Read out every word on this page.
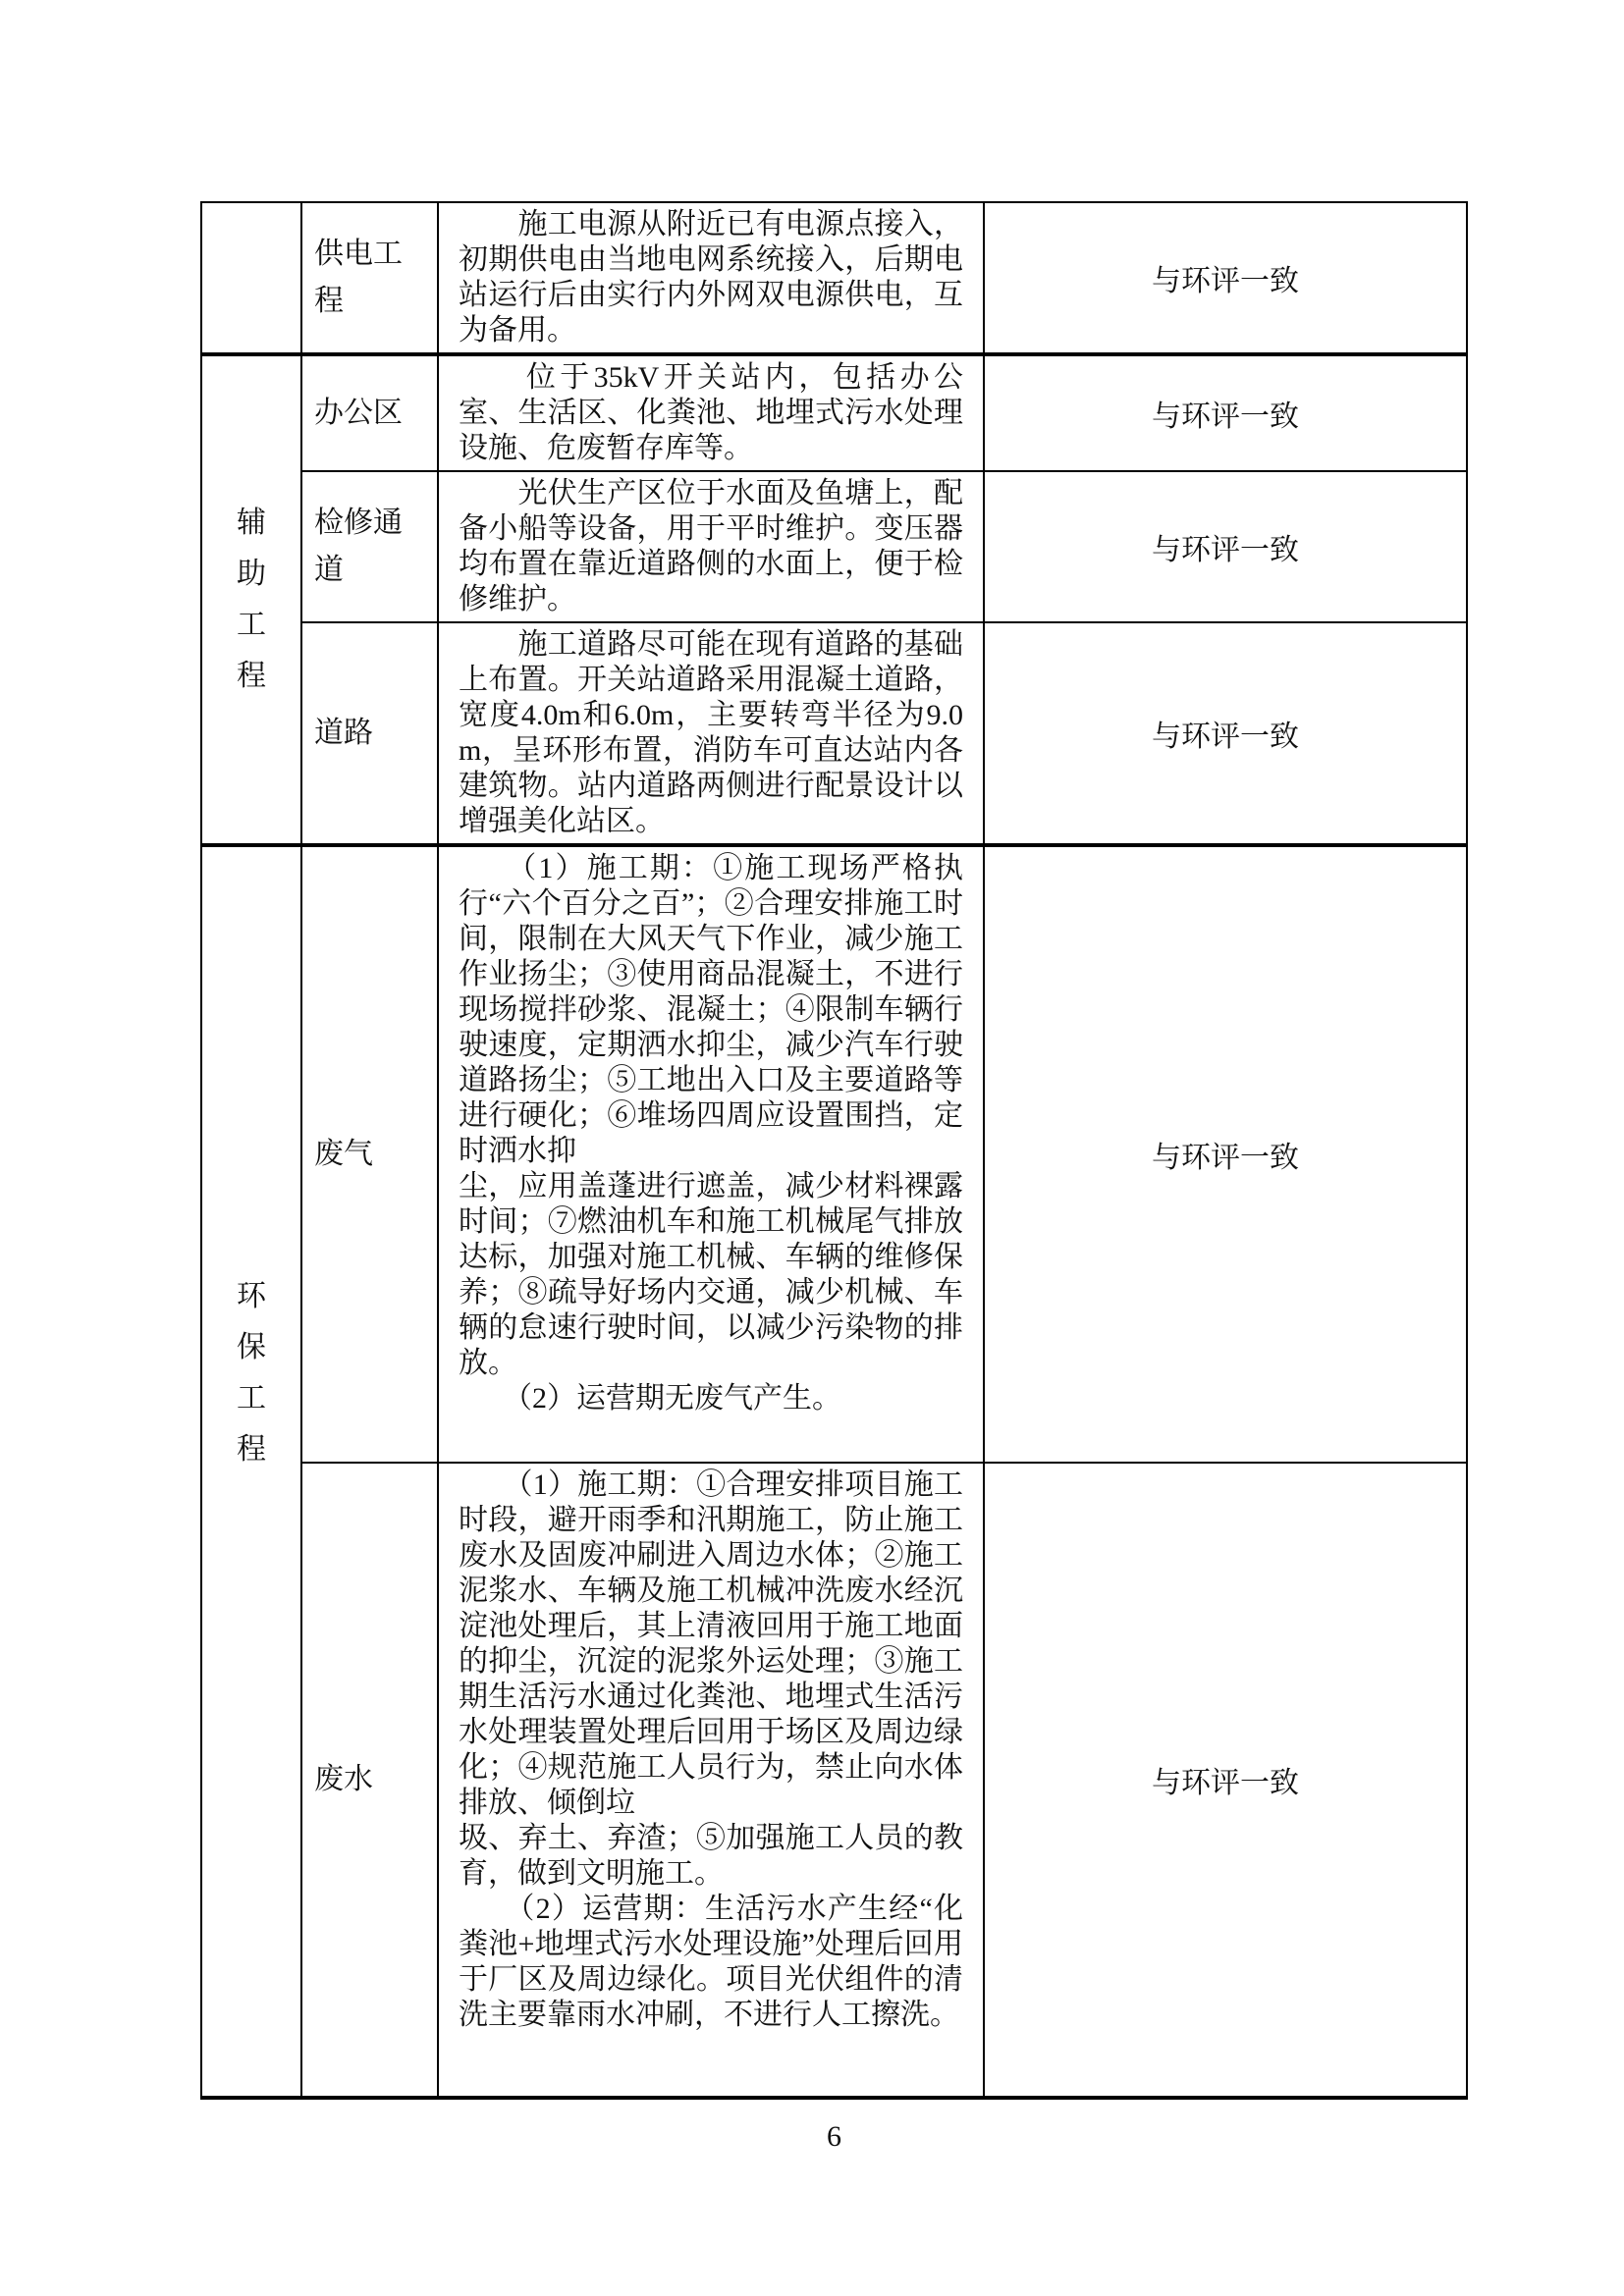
辅助工程
环保工程
供电工程

　　施工电源从附近已有电源点接入，初期供电由当地电网系统接入，后期电站运行后由实行内外网双电源供电，互为备用。

与环评一致
办公区

　　位于35kV开关站内，包括办公室、生活区、化粪池、地埋式污水处理设施、危废暂存库等。

与环评一致
检修通道

　　光伏生产区位于水面及鱼塘上，配备小船等设备，用于平时维护。变压器均布置在靠近道路侧的水面上，便于检修维护。

与环评一致
道路

　　施工道路尽可能在现有道路的基础上布置。开关站道路采用混凝土道路，宽度4.0m和6.0m，主要转弯半径为9.0m，呈环形布置，消防车可直达站内各建筑物。站内道路两侧进行配景设计以增强美化站区。

与环评一致
废气

　　（1）施工期：①施工现场严格执行“六个百分之百”；②合理安排施工时间，限制在大风天气下作业，减少施工作业扬尘；③使用商品混凝土，不进行现场搅拌砂浆、混凝土；④限制车辆行驶速度，定期洒水抑尘，减少汽车行驶道路扬尘；⑤工地出入口及主要道路等进行硬化；⑥堆场四周应设置围挡，定时洒水抑

尘，应用盖蓬进行遮盖，减少材料裸露时间；⑦燃油机车和施工机械尾气排放达标，加强对施工机械、车辆的维修保养；⑧疏导好场内交通，减少机械、车辆的怠速行驶时间，以减少污染物的排放。

　　（2）运营期无废气产生。

与环评一致
废水

　　（1）施工期：①合理安排项目施工时段，避开雨季和汛期施工，防止施工废水及固废冲刷进入周边水体；②施工泥浆水、车辆及施工机械冲洗废水经沉淀池处理后，其上清液回用于施工地面的抑尘，沉淀的泥浆外运处理；③施工期生活污水通过化粪池、地埋式生活污水处理装置处理后回用于场区及周边绿化；④规范施工人员行为，禁止向水体排放、倾倒垃

圾、弃土、弃渣；⑤加强施工人员的教育，做到文明施工。

　　（2）运营期：生活污水产生经“化粪池+地埋式污水处理设施”处理后回用于厂区及周边绿化。项目光伏组件的清洗主要靠雨水冲刷，不进行人工擦洗。

与环评一致
6
